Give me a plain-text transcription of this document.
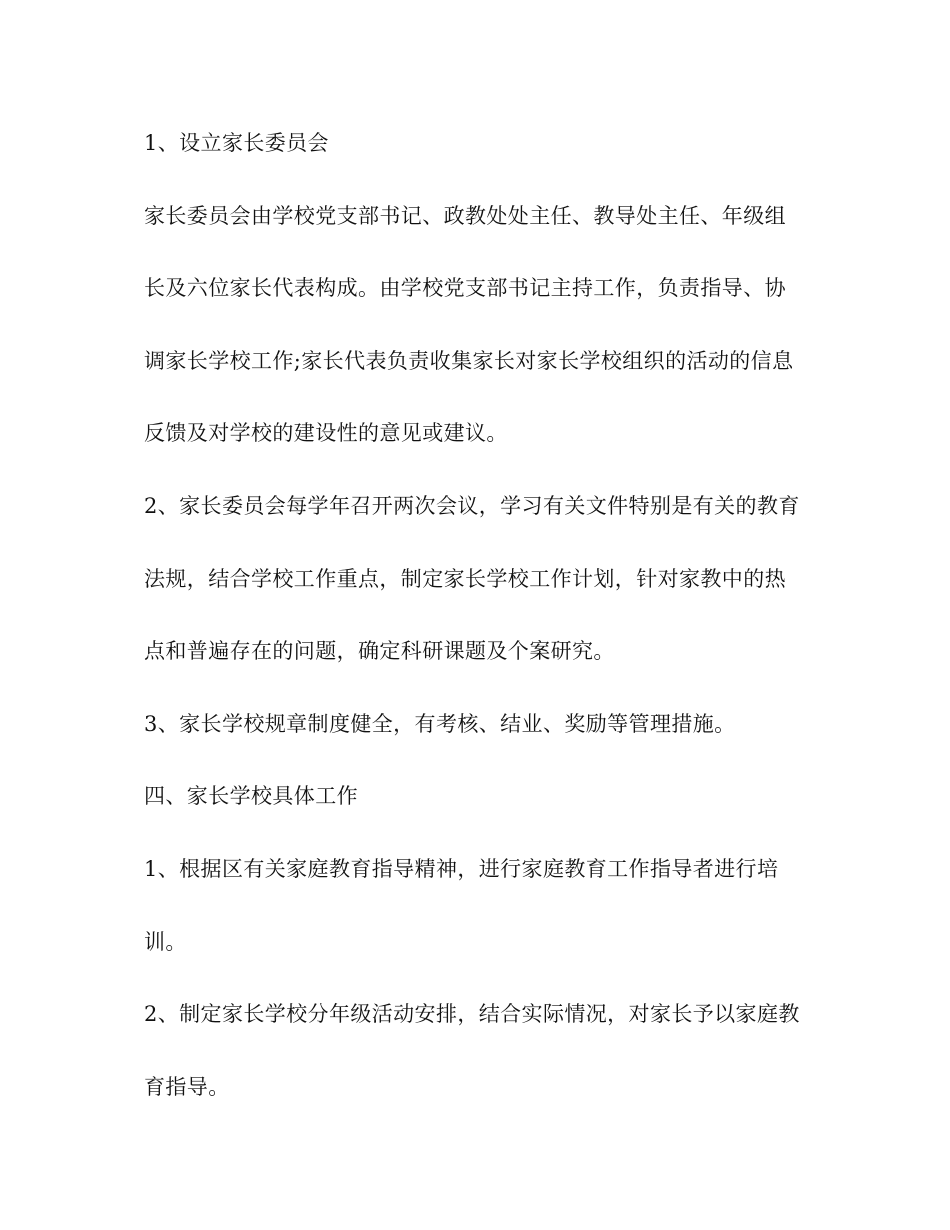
1、设立家长委员会
家长委员会由学校党支部书记、政教处处主任、教导处主任、年级组
长及六位家长代表构成。由学校党支部书记主持工作，负责指导、协
调家长学校工作;家长代表负责收集家长对家长学校组织的活动的信息
反馈及对学校的建设性的意见或建议。
2、家长委员会每学年召开两次会议，学习有关文件特别是有关的教育
法规，结合学校工作重点，制定家长学校工作计划，针对家教中的热
点和普遍存在的问题，确定科研课题及个案研究。
3、家长学校规章制度健全，有考核、结业、奖励等管理措施。
四、家长学校具体工作
1、根据区有关家庭教育指导精神，进行家庭教育工作指导者进行培
训。
2、制定家长学校分年级活动安排，结合实际情况，对家长予以家庭教
育指导。
